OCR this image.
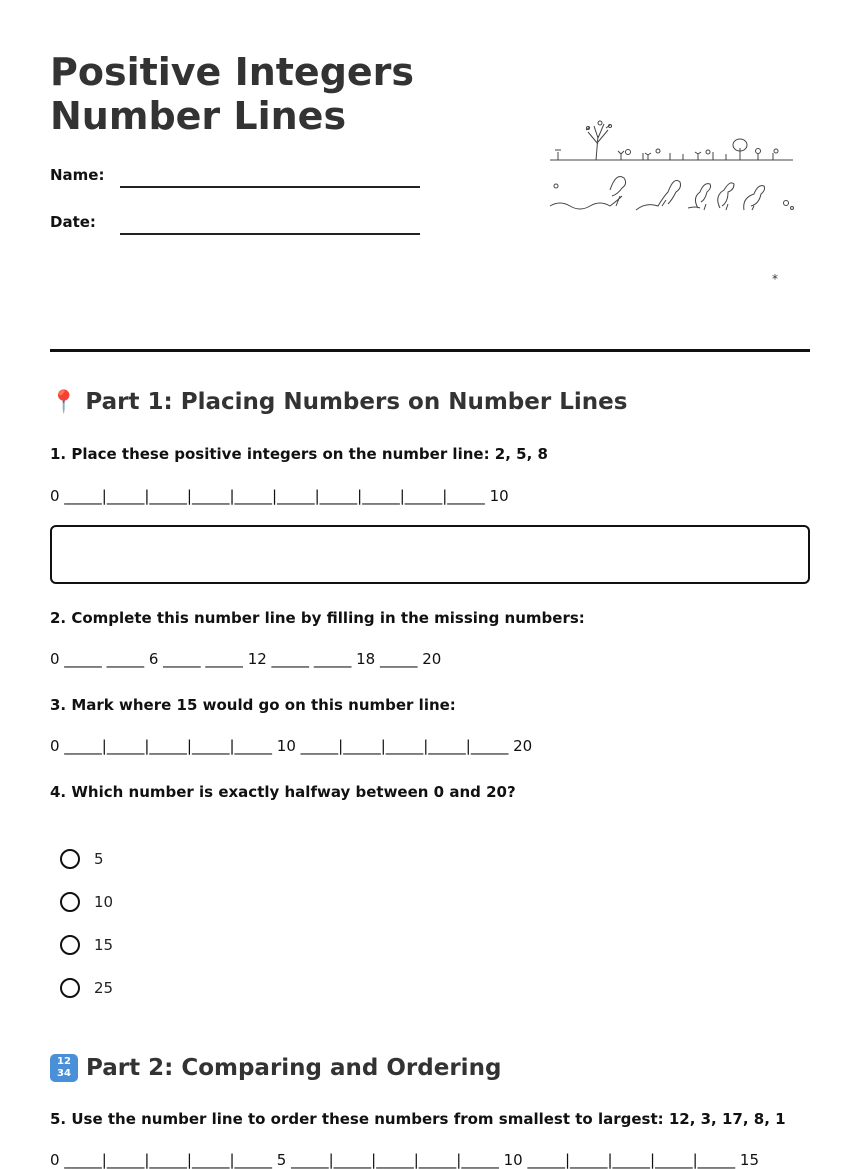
Positive Integers
Number Lines
Name:
Date:
*
📍 Part 1: Placing Numbers on Number Lines
1. Place these positive integers on the number line: 2, 5, 8
0 _____|_____|_____|_____|_____|_____|_____|_____|_____|_____ 10
2. Complete this number line by filling in the missing numbers:
0 _____ _____ 6 _____ _____ 12 _____ _____ 18 _____ 20
3. Mark where 15 would go on this number line:
0 _____|_____|_____|_____|_____ 10 _____|_____|_____|_____|_____ 20
4. Which number is exactly halfway between 0 and 20?
5
10
15
25
12
34 Part 2: Comparing and Ordering
5. Use the number line to order these numbers from smallest to largest: 12, 3, 17, 8, 1
0 _____|_____|_____|_____|_____ 5 _____|_____|_____|_____|_____ 10 _____|_____|_____|_____|_____ 15
